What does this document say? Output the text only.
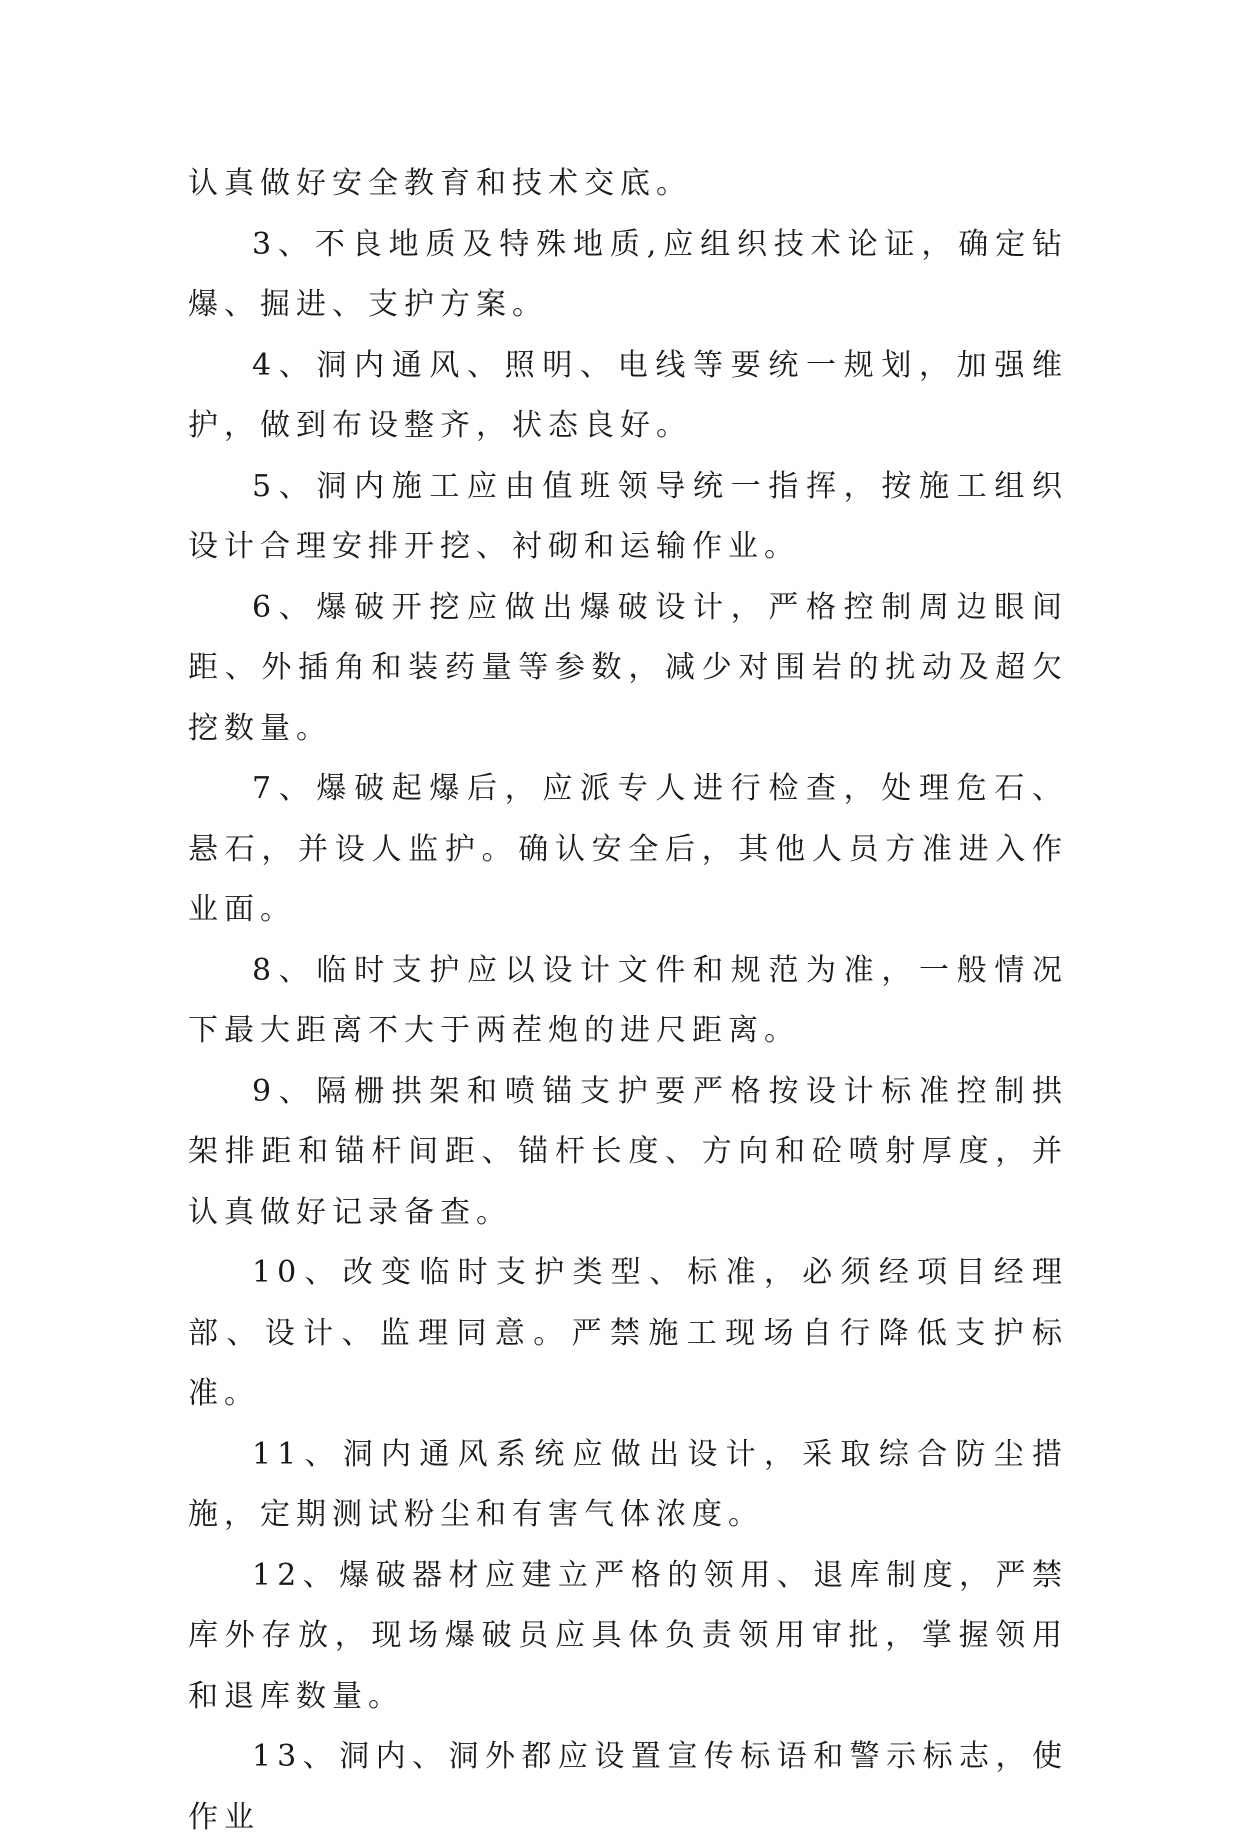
认真做好安全教育和技术交底。

3、不良地质及特殊地质,应组织技术论证，确定钻爆、掘进、支护方案。

4、洞内通风、照明、电线等要统一规划，加强维护，做到布设整齐，状态良好。

5、洞内施工应由值班领导统一指挥，按施工组织设计合理安排开挖、衬砌和运输作业。

6、爆破开挖应做出爆破设计，严格控制周边眼间距、外插角和装药量等参数，减少对围岩的扰动及超欠挖数量。

7、爆破起爆后，应派专人进行检查，处理危石、悬石，并设人监护。确认安全后，其他人员方准进入作业面。

8、临时支护应以设计文件和规范为准，一般情况下最大距离不大于两茬炮的进尺距离。

9、隔栅拱架和喷锚支护要严格按设计标准控制拱架排距和锚杆间距、锚杆长度、方向和砼喷射厚度，并认真做好记录备查。

10、改变临时支护类型、标准，必须经项目经理部、设计、监理同意。严禁施工现场自行降低支护标准。

11、洞内通风系统应做出设计，采取综合防尘措施，定期测试粉尘和有害气体浓度。

12、爆破器材应建立严格的领用、退库制度，严禁库外存放，现场爆破员应具体负责领用审批，掌握领用和退库数量。

13、洞内、洞外都应设置宣传标语和警示标志，使作业
